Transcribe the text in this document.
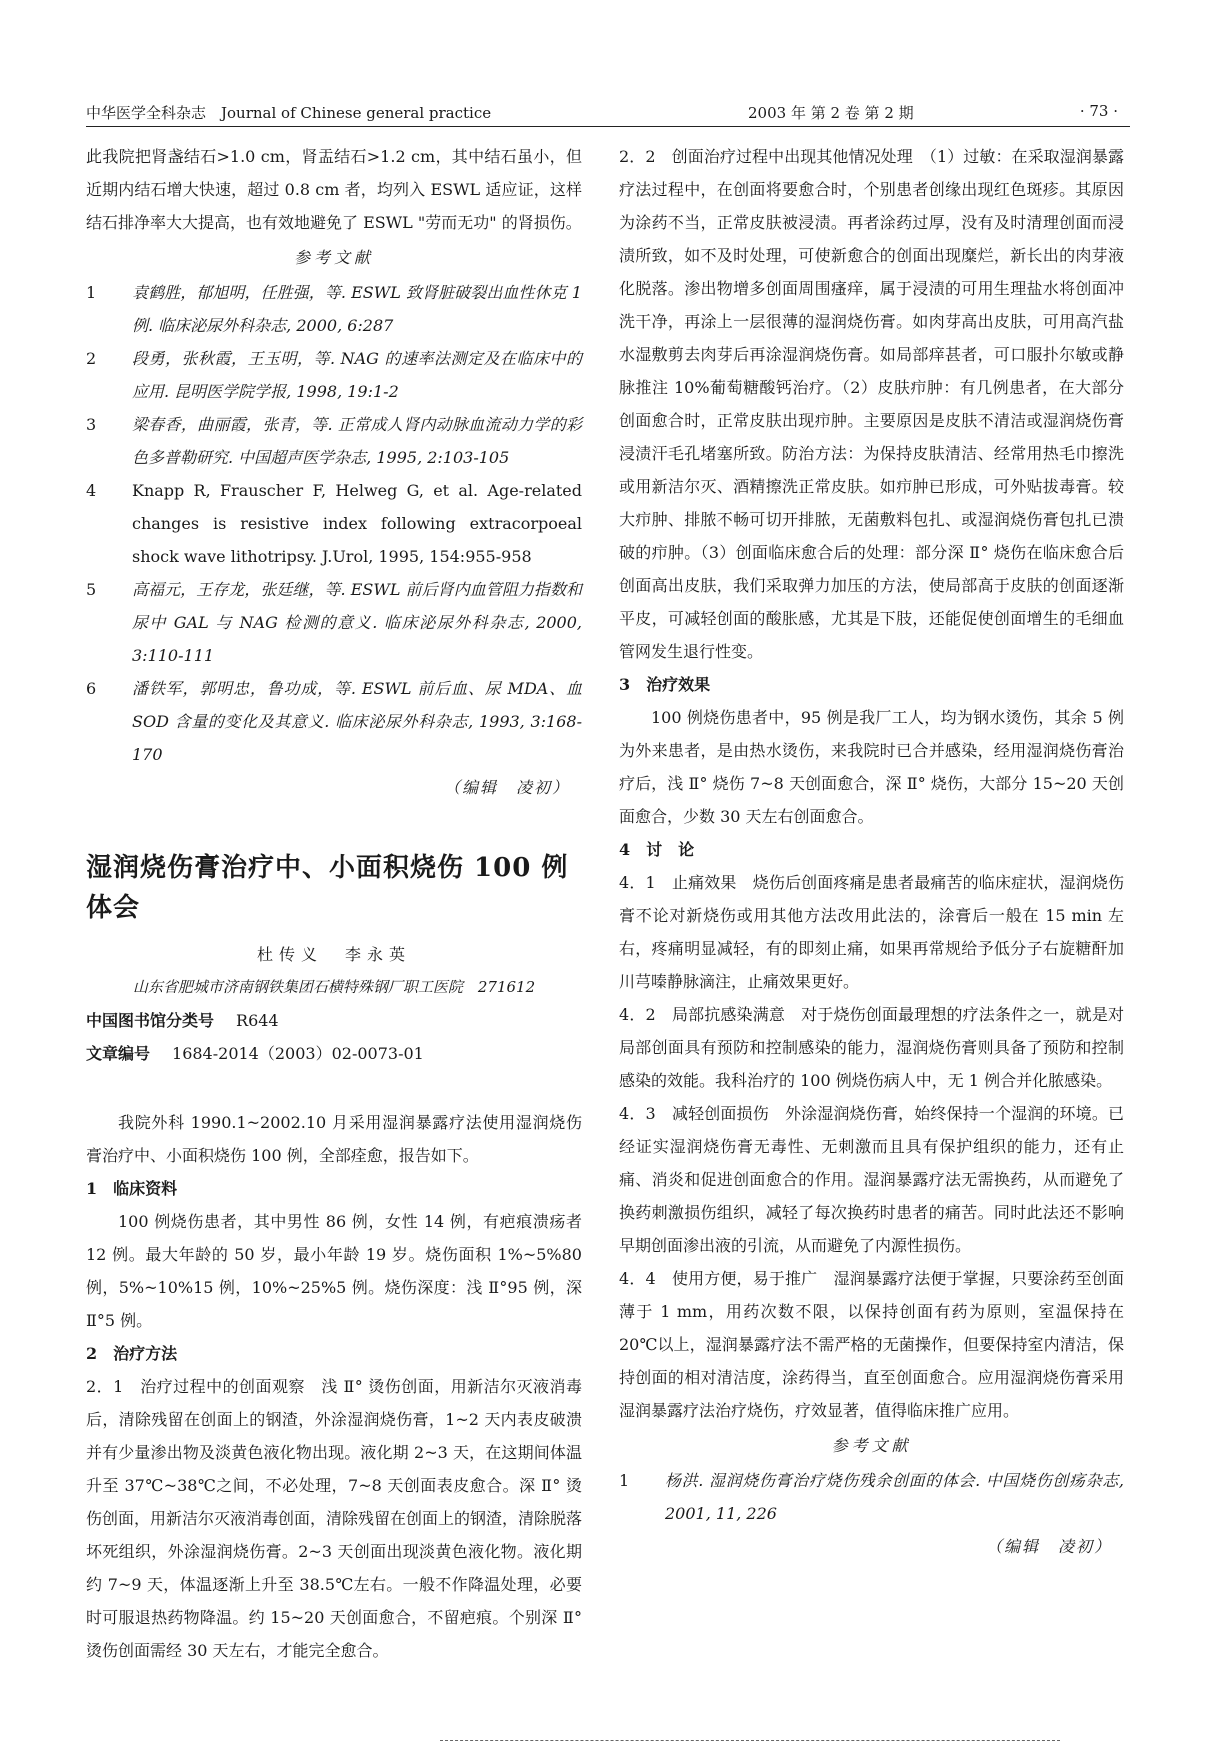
中华医学全科杂志　Journal of Chinese general practice	2003 年 第 2 卷 第 2 期	· 73 ·

此我院把肾盏结石>1.0 cm，肾盂结石>1.2 cm，其中结石虽小，但近期内结石增大快速，超过 0.8 cm 者，均列入 ESWL 适应证，这样结石排净率大大提高，也有效地避免了 ESWL "劳而无功" 的肾损伤。

参考文献
1 袁鹤胜，郁旭明，任胜强，等. ESWL 致肾脏破裂出血性休克 1 例. 临床泌尿外科杂志, 2000, 6:287
2 段勇，张秋霞，王玉明，等. NAG 的速率法测定及在临床中的应用. 昆明医学院学报, 1998, 19:1-2
3 梁春香，曲丽霞，张青，等. 正常成人肾内动脉血流动力学的彩色多普勒研究. 中国超声医学杂志, 1995, 2:103-105
4 Knapp R, Frauscher F, Helweg G, et al. Age-related changes is resistive index following extracorpoeal shock wave lithotripsy. J.Urol, 1995, 154:955-958
5 高福元，王存龙，张廷继，等. ESWL 前后肾内血管阻力指数和尿中 GAL 与 NAG 检测的意义. 临床泌尿外科杂志, 2000, 3:110-111
6 潘铁军，郭明忠，鲁功成，等. ESWL 前后血、尿 MDA、血 SOD 含量的变化及其意义. 临床泌尿外科杂志, 1993, 3:168-170
（编辑　凌初）
湿润烧伤膏治疗中、小面积烧伤 100 例体会
杜传义　李永英
山东省肥城市济南钢铁集团石横特殊钢厂职工医院　271612
中国图书馆分类号 R644
文章编号 1684-2014（2003）02-0073-01

我院外科 1990.1~2002.10 月采用湿润暴露疗法使用湿润烧伤膏治疗中、小面积烧伤 100 例，全部痊愈，报告如下。

1　临床资料

100 例烧伤患者，其中男性 86 例，女性 14 例，有疤痕溃疡者 12 例。最大年龄的 50 岁，最小年龄 19 岁。烧伤面积 1%~5%80 例，5%~10%15 例，10%~25%5 例。烧伤深度：浅 Ⅱ°95 例，深 Ⅱ°5 例。

2　治疗方法

2．1　治疗过程中的创面观察　浅 Ⅱ° 烫伤创面，用新洁尔灭液消毒后，清除残留在创面上的钢渣，外涂湿润烧伤膏，1~2 天内表皮破溃并有少量渗出物及淡黄色液化物出现。液化期 2~3 天，在这期间体温升至 37℃~38℃之间，不必处理，7~8 天创面表皮愈合。深 Ⅱ° 烫伤创面，用新洁尔灭液消毒创面，清除残留在创面上的钢渣，清除脱落坏死组织，外涂湿润烧伤膏。2~3 天创面出现淡黄色液化物。液化期约 7~9 天，体温逐渐上升至 38.5℃左右。一般不作降温处理，必要时可服退热药物降温。约 15~20 天创面愈合，不留疤痕。个别深 Ⅱ° 烫伤创面需经 30 天左右，才能完全愈合。

2．2　创面治疗过程中出现其他情况处理　（1）过敏：在采取湿润暴露疗法过程中，在创面将要愈合时，个别患者创缘出现红色斑疹。其原因为涂药不当，正常皮肤被浸渍。再者涂药过厚，没有及时清理创面而浸渍所致，如不及时处理，可使新愈合的创面出现糜烂，新长出的肉芽液化脱落。渗出物增多创面周围瘙痒，属于浸渍的可用生理盐水将创面冲洗干净，再涂上一层很薄的湿润烧伤膏。如肉芽高出皮肤，可用高汽盐水湿敷剪去肉芽后再涂湿润烧伤膏。如局部痒甚者，可口服扑尔敏或静脉推注 10%葡萄糖酸钙治疗。（2）皮肤疖肿：有几例患者，在大部分创面愈合时，正常皮肤出现疖肿。主要原因是皮肤不清洁或湿润烧伤膏浸渍汗毛孔堵塞所致。防治方法：为保持皮肤清洁、经常用热毛巾擦洗或用新洁尔灭、酒精擦洗正常皮肤。如疖肿已形成，可外贴拔毒膏。较大疖肿、排脓不畅可切开排脓，无菌敷料包扎、或湿润烧伤膏包扎已溃破的疖肿。（3）创面临床愈合后的处理：部分深 Ⅱ° 烧伤在临床愈合后创面高出皮肤，我们采取弹力加压的方法，使局部高于皮肤的创面逐渐平皮，可减轻创面的酸胀感，尤其是下肢，还能促使创面增生的毛细血管网发生退行性变。

3　治疗效果

100 例烧伤患者中，95 例是我厂工人，均为钢水烫伤，其余 5 例为外来患者，是由热水烫伤，来我院时已合并感染，经用湿润烧伤膏治疗后，浅 Ⅱ° 烧伤 7~8 天创面愈合，深 Ⅱ° 烧伤，大部分 15~20 天创面愈合，少数 30 天左右创面愈合。

4　讨　论

4．1　止痛效果　烧伤后创面疼痛是患者最痛苦的临床症状，湿润烧伤膏不论对新烧伤或用其他方法改用此法的，涂膏后一般在 15 min 左右，疼痛明显减轻，有的即刻止痛，如果再常规给予低分子右旋糖酐加川芎嗪静脉滴注，止痛效果更好。

4．2　局部抗感染满意　对于烧伤创面最理想的疗法条件之一，就是对局部创面具有预防和控制感染的能力，湿润烧伤膏则具备了预防和控制感染的效能。我科治疗的 100 例烧伤病人中，无 1 例合并化脓感染。

4．3　减轻创面损伤　外涂湿润烧伤膏，始终保持一个湿润的环境。已经证实湿润烧伤膏无毒性、无刺激而且具有保护组织的能力，还有止痛、消炎和促进创面愈合的作用。湿润暴露疗法无需换药，从而避免了换药刺激损伤组织，减轻了每次换药时患者的痛苦。同时此法还不影响早期创面渗出液的引流，从而避免了内源性损伤。

4．4　使用方便，易于推广　湿润暴露疗法便于掌握，只要涂药至创面薄于 1 mm，用药次数不限，以保持创面有药为原则，室温保持在 20℃以上，湿润暴露疗法不需严格的无菌操作，但要保持室内清洁，保持创面的相对清洁度，涂药得当，直至创面愈合。应用湿润烧伤膏采用湿润暴露疗法治疗烧伤，疗效显著，值得临床推广应用。

参考文献
1 杨洪. 湿润烧伤膏治疗烧伤残余创面的体会. 中国烧伤创疡杂志, 2001, 11, 226
（编辑　凌初）
